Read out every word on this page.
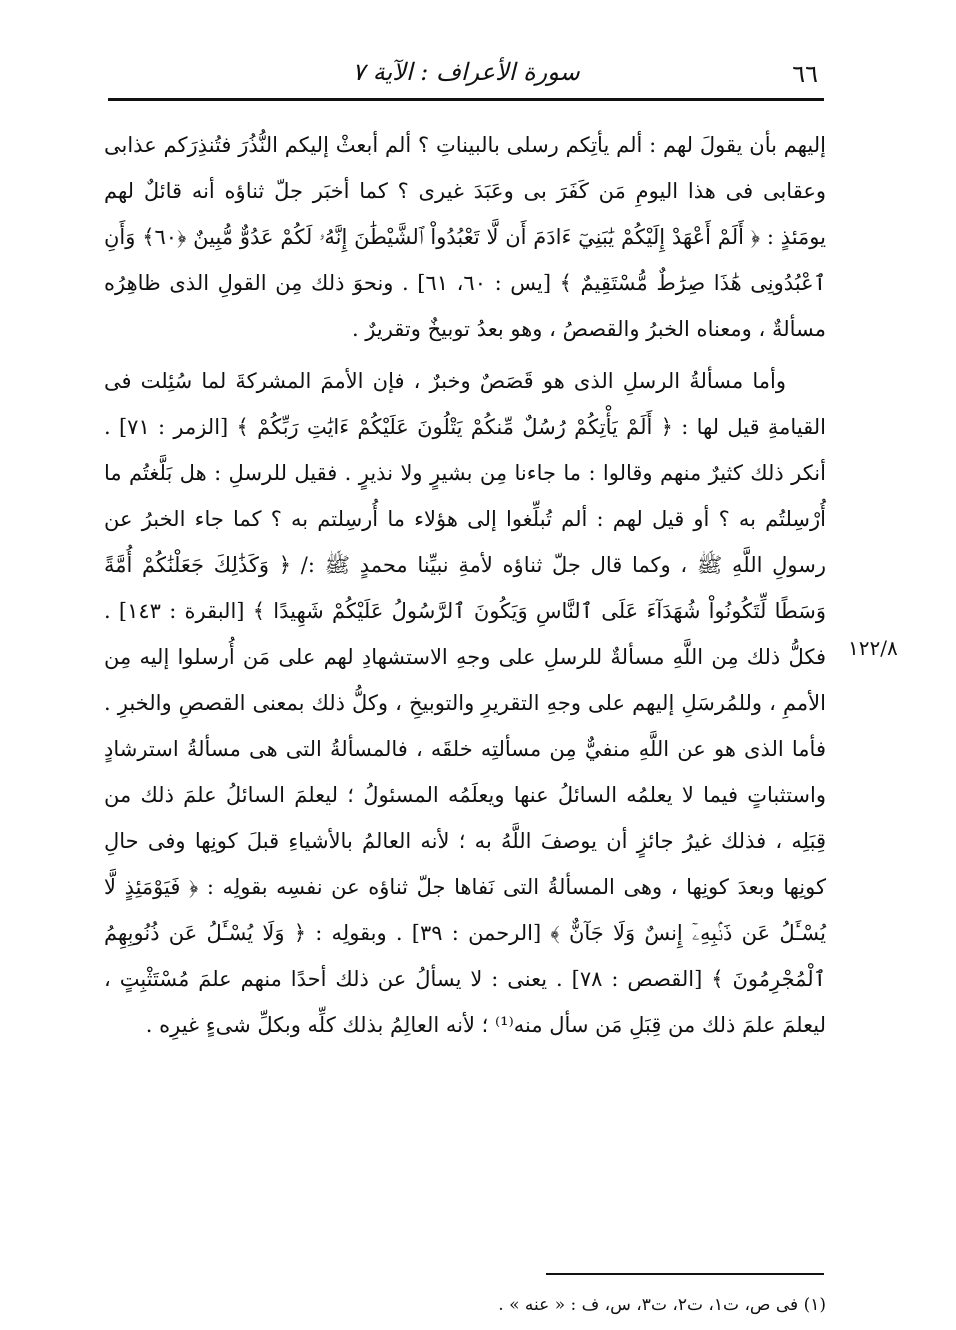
٦٦
سورة الأعراف : الآية ٧
١٢٢/٨

إليهم بأن يقولَ لهم : ألم يأتِكم رسلى بالبيناتِ ؟ ألم أبعثْ إليكم النُّذُرَ فتُنذِرَكم عذابى وعقابى فى هذا اليومِ مَن كَفَرَ بى وعَبَدَ غيرى ؟ كما أخبَر جلّ ثناؤه أنه قائلٌ لهم يومَئذٍ : ﴿ أَلَمْ أَعْهَدْ إِلَيْكُمْ يَٰبَنِيٓ ءَادَمَ أَن لَّا تَعْبُدُواْ ٱلشَّيْطَٰنَ إِنَّهُۥ لَكُمْ عَدُوٌّ مُّبِينٌ ﴿٦٠﴾ وَأَنِ ٱعْبُدُونِى هَٰذَا صِرَٰطٌ مُّسْتَقِيمٌ ﴾ [يس : ٦٠، ٦١] . ونحوَ ذلك مِن القولِ الذى ظاهِرُه مسألةٌ ، ومعناه الخبرُ والقصصُ ، وهو بعدُ توبيخٌ وتقريرٌ .

وأما مسألةُ الرسلِ الذى هو قَصَصٌ وخبرٌ ، فإن الأممَ المشركةَ لما سُئِلت فى القيامةِ قيل لها : ﴿ أَلَمْ يَأْتِكُمْ رُسُلٌ مِّنكُمْ يَتْلُونَ عَلَيْكُمْ ءَايَٰتِ رَبِّكُمْ ﴾ [الزمر : ٧١] . أنكر ذلك كثيرٌ منهم وقالوا : ما جاءنا مِن بشيرٍ ولا نذيرٍ . فقيل للرسلِ : هل بَلَّغتُم ما أُرْسِلتُم به ؟ أو قيل لهم : ألم تُبلِّغوا إلى هؤلاء ما أُرسِلتم به ؟ كما جاء الخبرُ عن رسولِ اللَّهِ ﷺ ، وكما قال جلّ ثناؤه لأمةِ نبيِّنا محمدٍ ﷺ :/ ﴿ وَكَذَٰلِكَ جَعَلْنَٰكُمْ أُمَّةً وَسَطًا لِّتَكُونُواْ شُهَدَآءَ عَلَى ٱلنَّاسِ وَيَكُونَ ٱلرَّسُولُ عَلَيْكُمْ شَهِيدًا ﴾ [البقرة : ١٤٣] . فكلُّ ذلك مِن اللَّهِ مسألةٌ للرسلِ على وجهِ الاستشهادِ لهم على مَن أُرسلوا إليه مِن الأممِ ، وللمُرسَلِ إليهم على وجهِ التقريرِ والتوبيخِ ، وكلُّ ذلك بمعنى القصصِ والخبرِ . فأما الذى هو عن اللَّهِ منفيٌّ مِن مسألتِه خلقَه ، فالمسألةُ التى هى مسألةُ استرشادٍ واستثباتٍ فيما لا يعلمُه السائلُ عنها ويعلَمُه المسئولُ ؛ ليعلمَ السائلُ علمَ ذلك من قِبَلِه ، فذلك غيرُ جائزٍ أن يوصفَ اللَّهُ به ؛ لأنه العالمُ بالأشياءِ قبلَ كونِها وفى حالِ كونِها وبعدَ كونِها ، وهى المسألةُ التى نَفاها جلّ ثناؤه عن نفسِه بقولِه : ﴿ فَيَوْمَئِذٍ لَّا يُسْـَٔلُ عَن ذَنۢبِهِۦٓ إِنسٌ وَلَا جَآنٌّ ﴾ [الرحمن : ٣٩] . وبقولِه : ﴿ وَلَا يُسْـَٔلُ عَن ذُنُوبِهِمُ ٱلْمُجْرِمُونَ ﴾ [القصص : ٧٨] . يعنى : لا يسألُ عن ذلك أحدًا منهم علمَ مُسْتَثْبِتٍ ، ليعلمَ علمَ ذلك من قِبَلِ مَن سأل منه⁽¹⁾ ؛ لأنه العالِمُ بذلك كلِّه وبكلِّ شىءٍ غيرِه .

(١) فى ص، ت١، ت٢، ت٣، س، ف : « عنه » .
